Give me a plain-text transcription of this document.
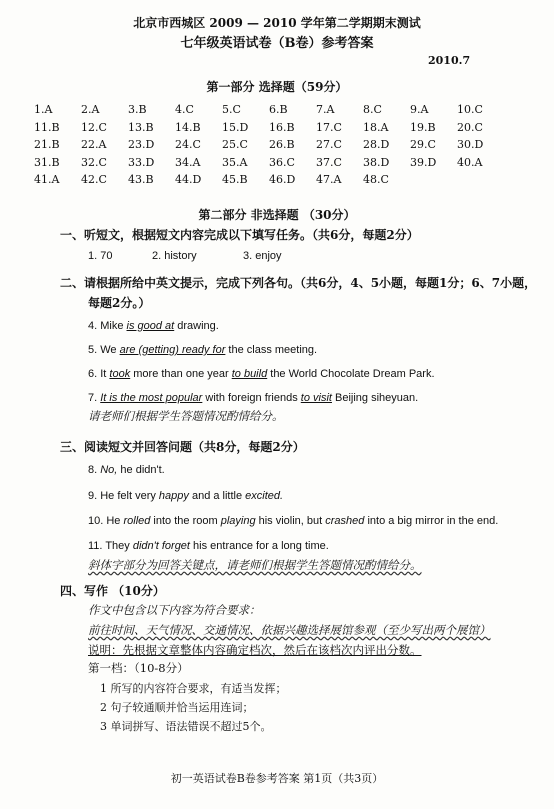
北京市西城区 2009 — 2010 学年第二学期期末测试
七年级英语试卷（B卷）参考答案
2010.7
第一部分 选择题（59分）
1.A	2.A	3.B	4.C	5.C	6.B	7.A	8.C	9.A	10.C
11.B	12.C	13.B	14.B	15.D	16.B	17.C	18.A	19.B	20.C
21.B	22.A	23.D	24.C	25.C	26.B	27.C	28.D	29.C	30.D
31.B	32.C	33.D	34.A	35.A	36.C	37.C	38.D	39.D	40.A
41.A	42.C	43.B	44.D	45.B	46.D	47.A	48.C
第二部分 非选择题 （30分）
一、听短文，根据短文内容完成以下填写任务。（共6分，每题2分）
1. 70	2. history	3. enjoy
二、请根据所给中英文提示，完成下列各句。（共6分，4、5小题，每题1分；6、7小题，
每题2分。）
4. Mike is good at drawing.
5. We are (getting) ready for the class meeting.
6. It took more than one year to build the World Chocolate Dream Park.
7. It is the most popular with foreign friends to visit Beijing siheyuan.
请老师们根据学生答题情况酌情给分。
三、阅读短文并回答问题（共8分，每题2分）
8. No, he didn't.
9. He felt very happy and a little excited.
10. He rolled into the room playing his violin, but crashed into a big mirror in the end.
11. They didn't forget his entrance for a long time.
斜体字部分为回答关键点，请老师们根据学生答题情况酌情给分。
四、写作 （10分）
作文中包含以下内容为符合要求：
前往时间、天气情况、交通情况、依据兴趣选择展馆参观（至少写出两个展馆）
说明：先根据文章整体内容确定档次，然后在该档次内评出分数。
第一档：（10-8分）
1 所写的内容符合要求，有适当发挥；
2 句子较通顺并恰当运用连词；
3 单词拼写、语法错误不超过5个。
初一英语试卷B卷参考答案 第1页（共3页）
